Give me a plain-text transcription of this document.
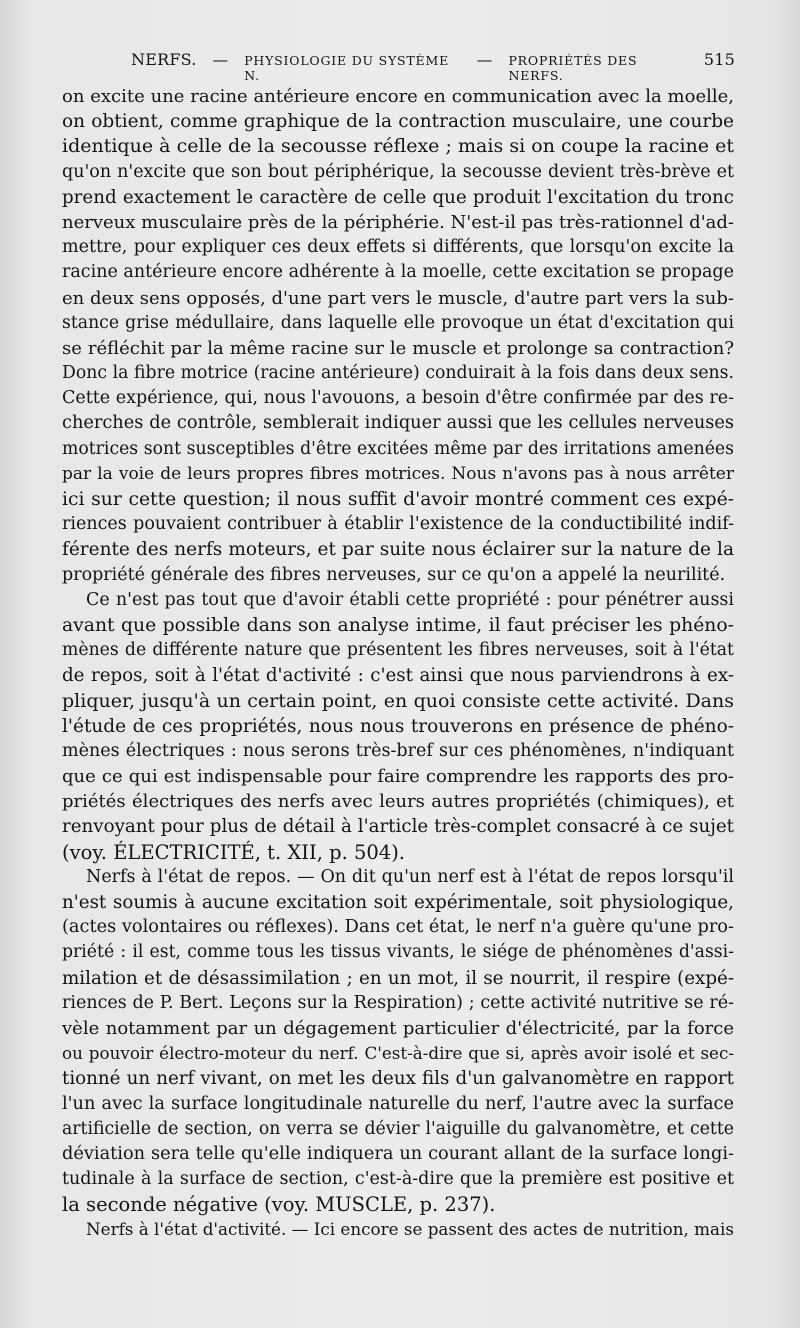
NERFS. — PHYSIOLOGIE DU SYSTÈME N.
— PROPRIÉTÉS DES NERFS.
515
on excite une racine antérieure encore en communication avec la moelle,
on obtient, comme graphique de la contraction musculaire, une courbe
identique à celle de la secousse réflexe ; mais si on coupe la racine et
qu'on n'excite que son bout périphérique, la secousse devient très-brève et
prend exactement le caractère de celle que produit l'excitation du tronc
nerveux musculaire près de la périphérie. N'est-il pas très-rationnel d'ad-
mettre, pour expliquer ces deux effets si différents, que lorsqu'on excite la
racine antérieure encore adhérente à la moelle, cette excitation se propage
en deux sens opposés, d'une part vers le muscle, d'autre part vers la sub-
stance grise médullaire, dans laquelle elle provoque un état d'excitation qui
se réfléchit par la même racine sur le muscle et prolonge sa contraction?
Donc la fibre motrice (racine antérieure) conduirait à la fois dans deux sens.
Cette expérience, qui, nous l'avouons, a besoin d'être confirmée par des re-
cherches de contrôle, semblerait indiquer aussi que les cellules nerveuses
motrices sont susceptibles d'être excitées même par des irritations amenées
par la voie de leurs propres fibres motrices. Nous n'avons pas à nous arrêter
ici sur cette question; il nous suffit d'avoir montré comment ces expé-
riences pouvaient contribuer à établir l'existence de la conductibilité indif-
férente des nerfs moteurs, et par suite nous éclairer sur la nature de la
propriété générale des fibres nerveuses, sur ce qu'on a appelé la neurilité.
Ce n'est pas tout que d'avoir établi cette propriété : pour pénétrer aussi
avant que possible dans son analyse intime, il faut préciser les phéno-
mènes de différente nature que présentent les fibres nerveuses, soit à l'état
de repos, soit à l'état d'activité : c'est ainsi que nous parviendrons à ex-
pliquer, jusqu'à un certain point, en quoi consiste cette activité. Dans
l'étude de ces propriétés, nous nous trouverons en présence de phéno-
mènes électriques : nous serons très-bref sur ces phénomènes, n'indiquant
que ce qui est indispensable pour faire comprendre les rapports des pro-
priétés électriques des nerfs avec leurs autres propriétés (chimiques), et
renvoyant pour plus de détail à l'article très-complet consacré à ce sujet
(voy. ÉLECTRICITÉ, t. XII, p. 504).
Nerfs à l'état de repos. — On dit qu'un nerf est à l'état de repos lorsqu'il
n'est soumis à aucune excitation soit expérimentale, soit physiologique,
(actes volontaires ou réflexes). Dans cet état, le nerf n'a guère qu'une pro-
priété : il est, comme tous les tissus vivants, le siége de phénomènes d'assi-
milation et de désassimilation ; en un mot, il se nourrit, il respire (expé-
riences de P. Bert. Leçons sur la Respiration) ; cette activité nutritive se ré-
vèle notamment par un dégagement particulier d'électricité, par la force
ou pouvoir électro-moteur du nerf. C'est-à-dire que si, après avoir isolé et sec-
tionné un nerf vivant, on met les deux fils d'un galvanomètre en rapport
l'un avec la surface longitudinale naturelle du nerf, l'autre avec la surface
artificielle de section, on verra se dévier l'aiguille du galvanomètre, et cette
déviation sera telle qu'elle indiquera un courant allant de la surface longi-
tudinale à la surface de section, c'est-à-dire que la première est positive et
la seconde négative (voy. MUSCLE, p. 237).
Nerfs à l'état d'activité. — Ici encore se passent des actes de nutrition, mais
